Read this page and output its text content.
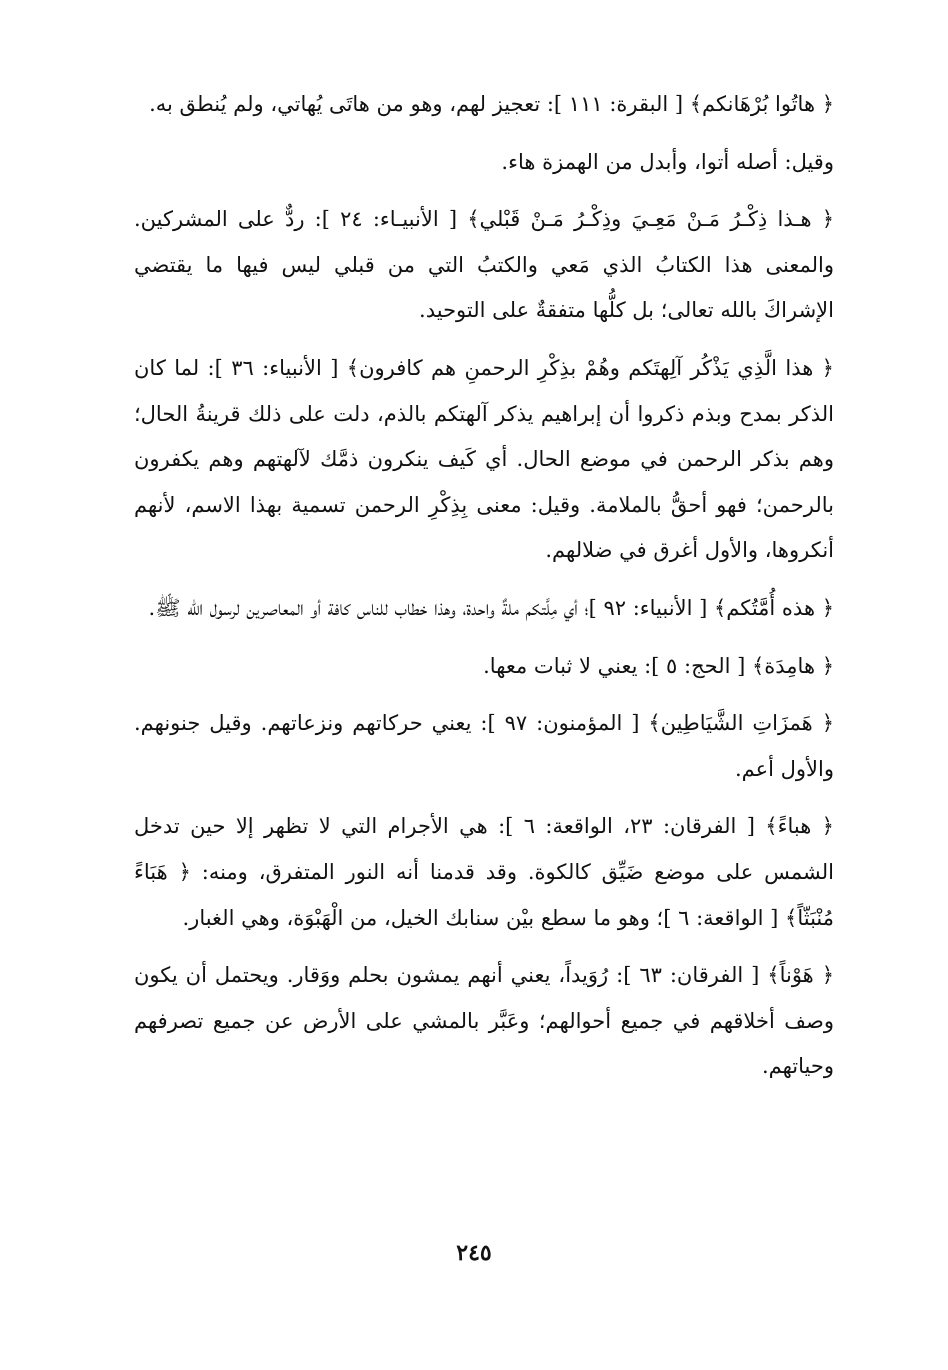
﴿ هاتُوا بُرْهَانكم﴾ [ البقرة: ١١١ ]: تعجيز لهم، وهو من هاتَى يُهاتي، ولم يُنطق به.

وقيل: أصله أتوا، وأبدل من الهمزة هاء.

﴿ هـذا ذِكْـرُ مَـنْ مَعِـيَ وذِكْـرُ مَـنْ قَبْلي﴾ [ الأنبيـاء: ٢٤ ]: ردٌّ على المشركين. والمعنى هذا الكتابُ الذي مَعي والكتبُ التي من قبلي ليس فيها ما يقتضي الإشراكَ بالله تعالى؛ بل كلُّها متفقةٌ على التوحيد.

﴿ هذا الَّذِي يَذْكُر آلِهتَكم وهُمْ بذِكْرِ الرحمنِ هم كافرون﴾ [ الأنبياء: ٣٦ ]: لما كان الذكر بمدح وبذم ذكروا أن إبراهيم يذكر آلهتكم بالذم، دلت على ذلك قرينةُ الحال؛ وهم بذكر الرحمن في موضع الحال. أي كَيف ينكرون ذمَّك لآلهتهم وهم يكفرون بالرحمن؛ فهو أحقُّ بالملامة. وقيل: معنى بِذِكْرِ الرحمن تسمية بهذا الاسم، لأنهم أنكروها، والأول أغرق في ضلالهم.

﴿ هذه أُمَّتُكم﴾ [ الأنبياء: ٩٢ ]؛ أي مِلَّتكم ملةٌ واحدة، وهذا خطاب للناس كافة أو المعاصرين لرسول الله ﷺ.

﴿ هامِدَة﴾ [ الحج: ٥ ]: يعني لا ثبات معها.

﴿ هَمزَاتِ الشَّيَاطِين﴾ [ المؤمنون: ٩٧ ]: يعني حركاتهم ونزعاتهم. وقيل جنونهم. والأول أعم.

﴿ هباءً﴾ [ الفرقان: ٢٣، الواقعة: ٦ ]: هي الأجرام التي لا تظهر إلا حين تدخل الشمس على موضع ضَيِّق كالكوة. وقد قدمنا أنه النور المتفرق، ومنه: ﴿ هَبَاءً مُنْبَثّاً﴾ [ الواقعة: ٦ ]؛ وهو ما سطع بيْن سنابك الخيل، من الْهَبْوَة، وهي الغبار.

﴿ هَوْناً﴾ [ الفرقان: ٦٣ ]: رُوَيداً، يعني أنهم يمشون بحلم ووَقار. ويحتمل أن يكون وصف أخلاقهم في جميع أحوالهم؛ وعَبَّر بالمشي على الأرض عن جميع تصرفهم وحياتهم.

٢٤٥
